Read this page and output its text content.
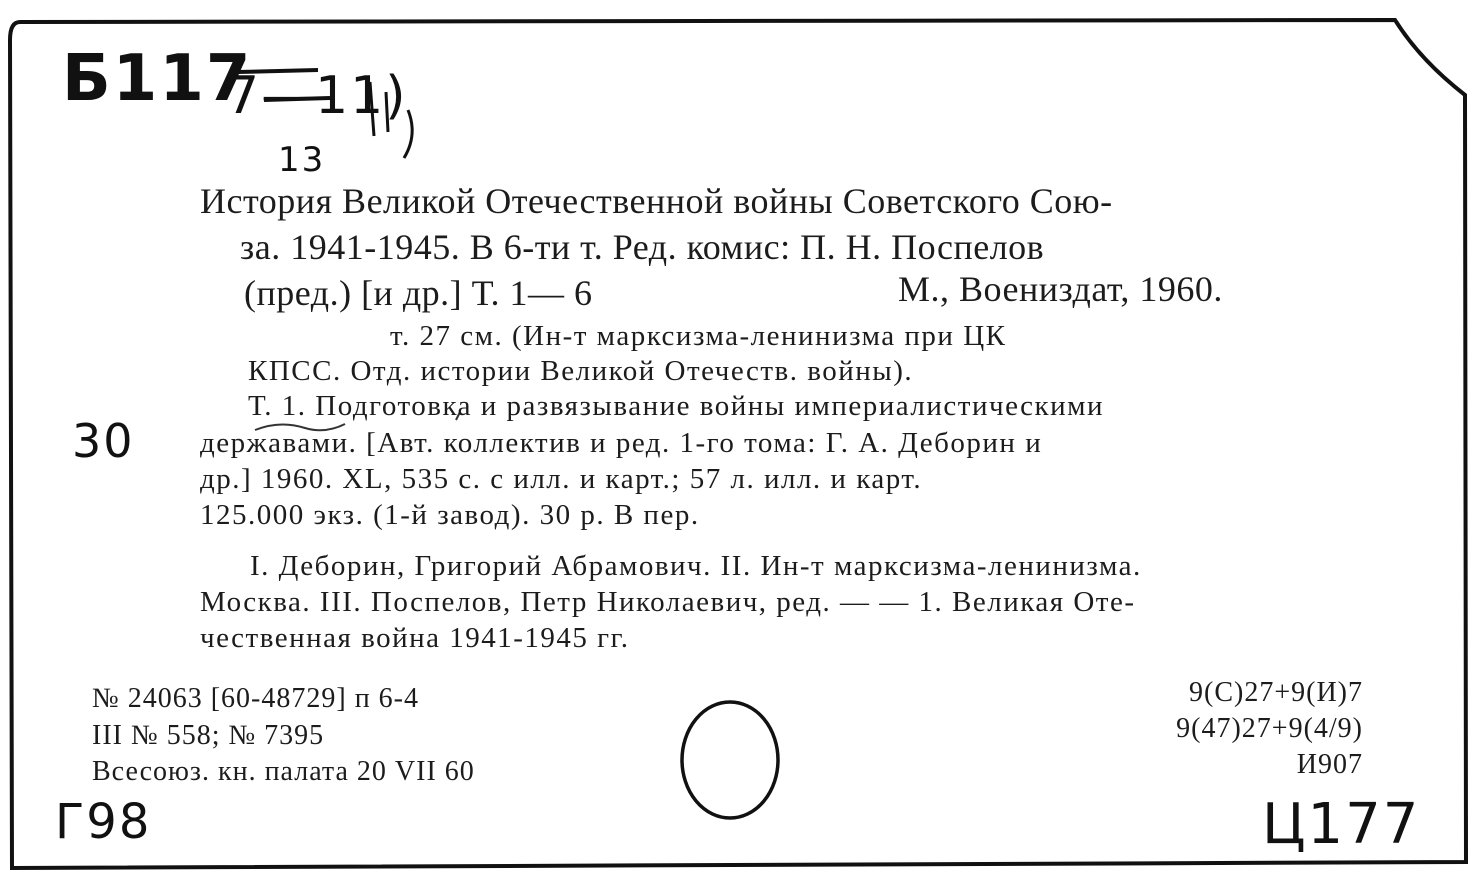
Б117
7—11)
13
30
Г98	Ц177
История Великой Отечественной войны Советского Сою-
за. 1941-1945. В 6-ти т. Ред. комис: П. Н. Поспелов
(пред.) [и др.] Т. 1— 6	М., Воениздат, 1960.
т. 27 см. (Ин-т марксизма-ленинизма при ЦК
КПСС. Отд. истории Великой Отечеств. войны).
Т. 1. Подготовка и развязывание войны империалистическими
державами. [Авт. коллектив и ред. 1-го тома: Г. А. Деборин и
др.] 1960. XL, 535 с. с илл. и карт.; 57 л. илл. и карт.
125.000 экз. (1-й завод). 30 р. В пер.
I. Деборин, Григорий Абрамович. II. Ин-т марксизма-ленинизма.
Москва. III. Поспелов, Петр Николаевич, ред. — — 1. Великая Оте-
чественная война 1941-1945 гг.
№ 24063 [60-48729] п 6-4
III № 558; № 7395
Всесоюз. кн. палата 20 VII 60
9(С)27+9(И)7
9(47)27+9(4/9)
И907
